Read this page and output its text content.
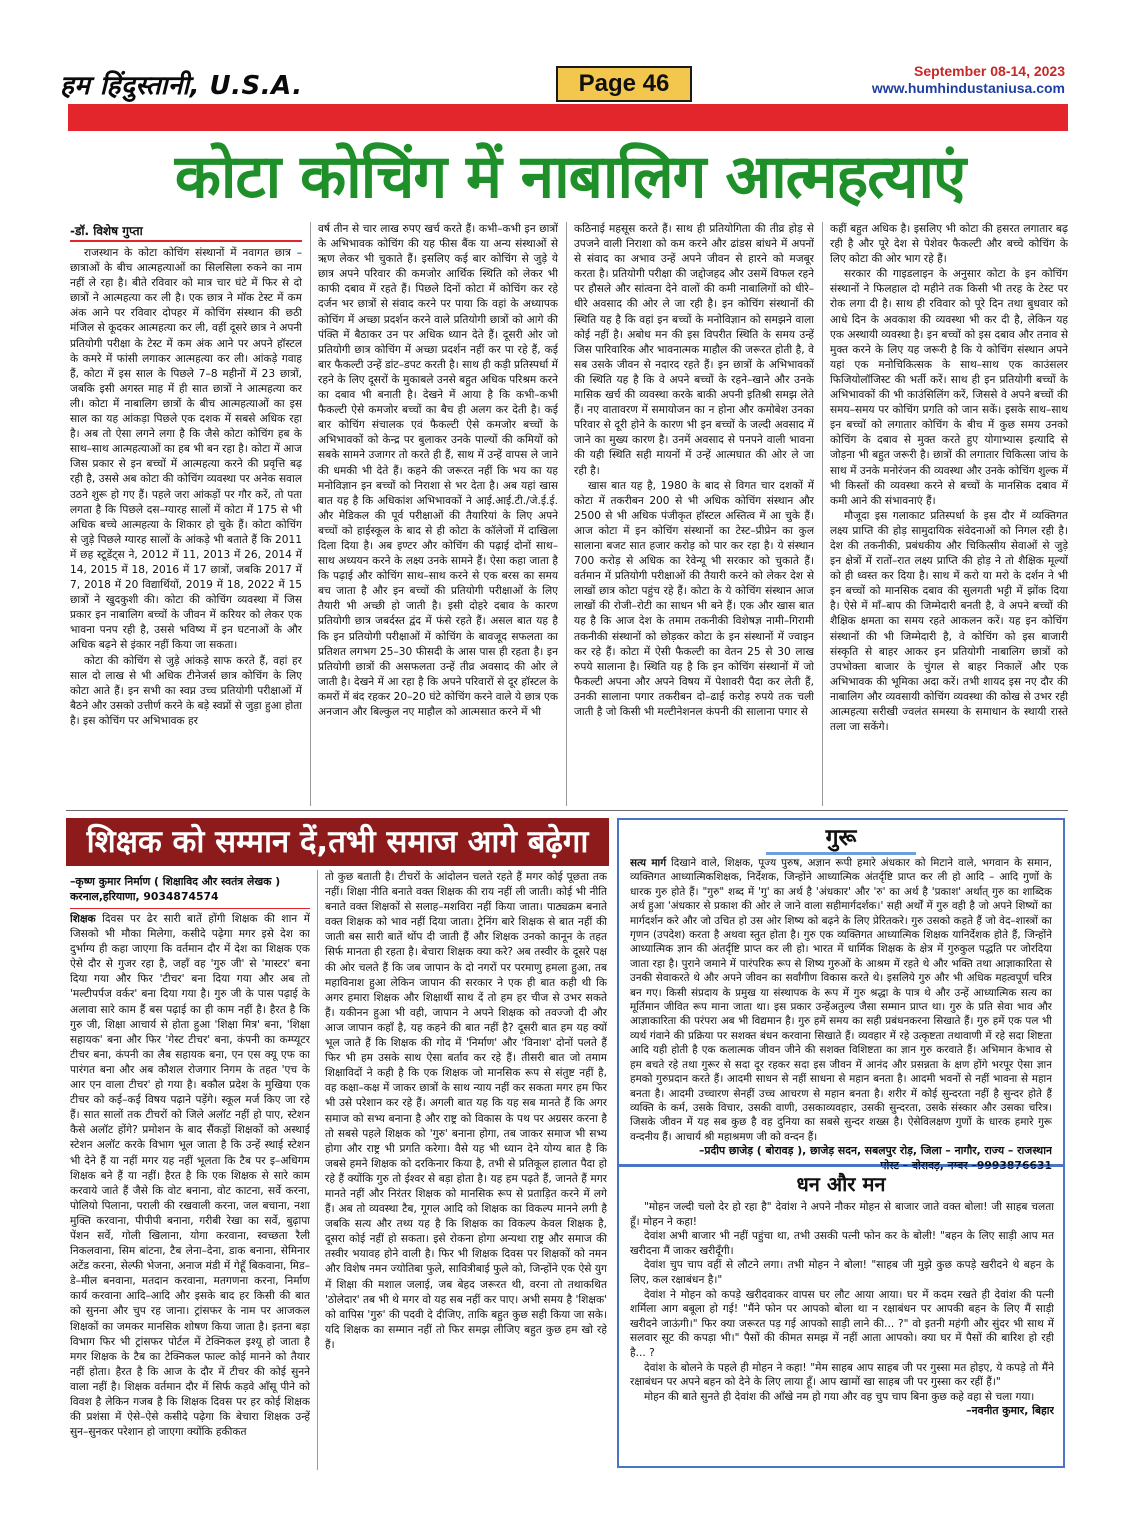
हम हिंदुस्तानी, U.S.A.	Page 46	September 08-14, 2023
www.humhindustaniusa.com
कोटा कोचिंग में नाबालिग आत्महत्याएं
-डॉ. विशेष गुप्ता

राजस्थान के कोटा कोचिंग संस्थानों में नवागत छात्र – छात्राओं के बीच आत्महत्याओं का सिलसिला रुकने का नाम नहीं ले रहा है। बीते रविवार को मात्र चार घंटे में फिर से दो छात्रों ने आत्महत्या कर ली है। एक छात्र ने मॉक टेस्ट में कम अंक आने पर रविवार दोपहर में कोचिंग संस्थान की छठी मंजिल से कूदकर आत्महत्या कर ली, वहीं दूसरे छात्र ने अपनी प्रतियोगी परीक्षा के टेस्ट में कम अंक आने पर अपने हॉस्टल के कमरे में फांसी लगाकर आत्महत्या कर ली। आंकड़े गवाह हैं, कोटा में इस साल के पिछले 7–8 महीनों में 23 छात्रों, जबकि इसी अगस्त माह में ही सात छात्रों ने आत्महत्या कर ली। कोटा में नाबालिग छात्रों के बीच आत्महत्याओं का इस साल का यह आंकड़ा पिछले एक दशक में सबसे अधिक रहा है। अब तो ऐसा लगने लगा है कि जैसे कोटा कोचिंग हब के साथ–साथ आत्महत्याओं का हब भी बन रहा है। कोटा में आज जिस प्रकार से इन बच्चों में आत्महत्या करने की प्रवृत्ति बढ़ रही है, उससे अब कोटा की कोचिंग व्यवस्था पर अनेक सवाल उठने शुरू हो गए हैं। पहले जरा आंकड़ों पर गौर करें, तो पता लगता है कि पिछले दस–ग्यारह सालों में कोटा में 175 से भी अधिक बच्चे आत्महत्या के शिकार हो चुके हैं। कोटा कोचिंग से जुड़े पिछले ग्यारह सालों के आंकड़े भी बताते हैं कि 2011 में छह स्टूडेंट्स ने, 2012 में 11, 2013 में 26, 2014 में 14, 2015 में 18, 2016 में 17 छात्रों, जबकि 2017 में 7, 2018 में 20 विद्यार्थियों, 2019 में 18, 2022 में 15 छात्रों ने खुदकुशी की। कोटा की कोचिंग व्यवस्था में जिस प्रकार इन नाबालिग बच्चों के जीवन में करियर को लेकर एक भावना पनप रही है, उससे भविष्य में इन घटनाओं के और अधिक बढ़ने से इंकार नहीं किया जा सकता।

कोटा की कोचिंग से जुड़े आंकड़े साफ करते हैं, वहां हर साल दो लाख से भी अधिक टीनेजर्स छात्र कोचिंग के लिए कोटा आते हैं। इन सभी का स्वप्न उच्च प्रतियोगी परीक्षाओं में बैठने और उसको उत्तीर्ण करने के बड़े स्वप्नों से जुड़ा हुआ होता है। इस कोचिंग पर अभिभावक हर

वर्ष तीन से चार लाख रुपए खर्च करते हैं। कभी–कभी इन छात्रों के अभिभावक कोचिंग की यह फीस बैंक या अन्य संस्थाओं से ऋण लेकर भी चुकाते हैं। इसलिए कई बार कोचिंग से जुड़े ये छात्र अपने परिवार की कमजोर आर्थिक स्थिति को लेकर भी काफी दबाव में रहते हैं। पिछले दिनों कोटा में कोचिंग कर रहे दर्जन भर छात्रों से संवाद करने पर पाया कि वहां के अध्यापक कोचिंग में अच्छा प्रदर्शन करने वाले प्रतियोगी छात्रों को आगे की पंक्ति में बैठाकर उन पर अधिक ध्यान देते हैं। दूसरी ओर जो प्रतियोगी छात्र कोचिंग में अच्छा प्रदर्शन नहीं कर पा रहे हैं, कई बार फैकल्टी उन्हें डांट–डपट करती है। साथ ही कड़ी प्रतिस्पर्धा में रहने के लिए दूसरों के मुकाबले उनसे बहुत अधिक परिश्रम करने का दबाव भी बनाती है। देखने में आया है कि कभी–कभी फैकल्टी ऐसे कमजोर बच्चों का बैच ही अलग कर देती है। कई बार कोचिंग संचालक एवं फैकल्टी ऐसे कमजोर बच्चों के अभिभावकों को केन्द्र पर बुलाकर उनके पाल्यों की कमियों को सबके सामने उजागर तो करते ही हैं, साथ में उन्हें वापस ले जाने की धमकी भी देते हैं। कहने की जरूरत नहीं कि भय का यह मनोविज्ञान इन बच्चों को निराशा से भर देता है। अब यहां खास बात यह है कि अधिकांश अभिभावकों ने आई.आई.टी./जे.ई.ई. और मेडिकल की पूर्व परीक्षाओं की तैयारियां के लिए अपने बच्चों को हाईस्कूल के बाद से ही कोटा के कॉलेजों में दाखिला दिला दिया है। अब इण्टर और कोचिंग की पढ़ाई दोनों साथ–साथ अध्ययन करने के लक्ष्य उनके सामने हैं। ऐसा कहा जाता है कि पढ़ाई और कोचिंग साथ–साथ करने से एक बरस का समय बच जाता है और इन बच्चों की प्रतियोगी परीक्षाओं के लिए तैयारी भी अच्छी हो जाती है। इसी दोहरे दबाव के कारण प्रतियोगी छात्र जबर्दस्त द्वंद में फंसे रहते हैं। असल बात यह है कि इन प्रतियोगी परीक्षाओं में कोचिंग के बावजूद सफलता का प्रतिशत लगभग 25–30 फीसदी के आस पास ही रहता है। इन प्रतियोगी छात्रों की असफलता उन्हें तीव्र अवसाद की ओर ले जाती है। देखने में आ रहा है कि अपने परिवारों से दूर हॉस्टल के कमरों में बंद रहकर 20–20 घंटे कोचिंग करने वाले ये छात्र एक अनजान और बिल्कुल नए माहौल को आत्मसात करने में भी

कठिनाई महसूस करते हैं। साथ ही प्रतियोगिता की तीव्र होड़ से उपजने वाली निराशा को कम करने और ढांडस बांधने में अपनों से संवाद का अभाव उन्हें अपने जीवन से हारने को मजबूर करता है। प्रतियोगी परीक्षा की जद्दोजहद और उसमें विफल रहने पर हौसले और सांत्वना देने वालों की कमी नाबालिगों को धीरे–धीरे अवसाद की ओर ले जा रही है। इन कोचिंग संस्थानों की स्थिति यह है कि वहां इन बच्चों के मनोविज्ञान को समझने वाला कोई नहीं है। अबोध मन की इस विपरीत स्थिति के समय उन्हें जिस पारिवारिक और भावनात्मक माहौल की जरूरत होती है, वे सब उसके जीवन से नदारद रहते हैं। इन छात्रों के अभिभावकों की स्थिति यह है कि वे अपने बच्चों के रहने–खाने और उनके मासिक खर्च की व्यवस्था करके बाकी अपनी इतिश्री समझ लेते हैं। नए वातावरण में समायोजन का न होना और कमोबेश उनका परिवार से दूरी होने के कारण भी इन बच्चों के जल्दी अवसाद में जाने का मुख्य कारण है। उनमें अवसाद से पनपने वाली भावना की यही स्थिति सही मायनों में उन्हें आत्मघात की ओर ले जा रही है।

खास बात यह है, 1980 के बाद से विगत चार दशकों में कोटा में तकरीबन 200 से भी अधिक कोचिंग संस्थान और 2500 से भी अधिक पंजीकृत हॉस्टल अस्तित्व में आ चुके हैं। आज कोटा में इन कोचिंग संस्थानों का टेस्ट–प्रीप्रेन का कुल सालाना बजट सात हजार करोड़ को पार कर रहा है। ये संस्थान 700 करोड़ से अधिक का रेवेन्यू भी सरकार को चुकाते हैं। वर्तमान में प्रतियोगी परीक्षाओं की तैयारी करने को लेकर देश से लाखों छात्र कोटा पहुंच रहे हैं। कोटा के ये कोचिंग संस्थान आज लाखों की रोजी–रोटी का साधन भी बने हैं। एक और खास बात यह है कि आज देश के तमाम तकनीकी विशेषज्ञ नामी–गिरामी तकनीकी संस्थानों को छोड़कर कोटा के इन संस्थानों में ज्वाइन कर रहे हैं। कोटा में ऐसी फैकल्टी का वेतन 25 से 30 लाख रुपये सालाना है। स्थिति यह है कि इन कोचिंग संस्थानों में जो फैकल्टी अपना और अपने विषय में पेशावरी पैदा कर लेती हैं, उनकी सालाना पगार तकरीबन दो–ढाई करोड़ रुपये तक चली जाती है जो किसी भी मल्टीनेशनल कंपनी की सालाना पगार से

कहीं बहुत अधिक है। इसलिए भी कोटा की हसरत लगातार बढ़ रही है और पूरे देश से पेशेवर फैकल्टी और बच्चे कोचिंग के लिए कोटा की ओर भाग रहे हैं।

सरकार की गाइडलाइन के अनुसार कोटा के इन कोचिंग संस्थानों ने फिलहाल दो महीने तक किसी भी तरह के टेस्ट पर रोक लगा दी है। साथ ही रविवार को पूरे दिन तथा बुधवार को आधे दिन के अवकाश की व्यवस्था भी कर दी है, लेकिन यह एक अस्थायी व्यवस्था है। इन बच्चों को इस दबाव और तनाव से मुक्त करने के लिए यह जरूरी है कि ये कोचिंग संस्थान अपने यहां एक मनोचिकित्सक के साथ–साथ एक काउंसलर फिजियोलॉजिस्ट की भर्ती करें। साथ ही इन प्रतियोगी बच्चों के अभिभावकों की भी काउंसिलिंग करें, जिससे वे अपने बच्चों की समय–समय पर कोचिंग प्रगति को जान सकें। इसके साथ–साथ इन बच्चों को लगातार कोचिंग के बीच में कुछ समय उनको कोचिंग के दबाव से मुक्त करते हुए योगाभ्यास इत्यादि से जोड़ना भी बहुत जरूरी है। छात्रों की लगातार चिकित्सा जांच के साथ में उनके मनोरंजन की व्यवस्था और उनके कोचिंग शुल्क में भी किस्तों की व्यवस्था करने से बच्चों के मानसिक दबाव में कमी आने की संभावनाएं हैं।

मौजूदा इस गलाकाट प्रतिस्पर्धा के इस दौर में व्यक्तिगत लक्ष्य प्राप्ति की होड़ सामुदायिक संवेदनाओं को निगल रही है। देश की तकनीकी, प्रबंधकीय और चिकित्सीय सेवाओं से जुड़े इन क्षेत्रों में रातों–रात लक्ष्य प्राप्ति की होड़ ने तो शैक्षिक मूल्यों को ही ध्वस्त कर दिया है। साथ में करो या मरो के दर्शन ने भी इन बच्चों को मानसिक दबाव की सुलगती भट्टी में झोंक दिया है। ऐसे में माँ–बाप की जिम्मेदारी बनती है, वे अपने बच्चों की शैक्षिक क्षमता का समय रहते आकलन करें। यह इन कोचिंग संस्थानों की भी जिम्मेदारी है, वे कोचिंग को इस बाजारी संस्कृति से बाहर आकर इन प्रतियोगी नाबालिग छात्रों को उपभोक्ता बाजार के चुंगल से बाहर निकालें और एक अभिभावक की भूमिका अदा करें। तभी शायद इस नए दौर की नाबालिग और व्यवसायी कोचिंग व्यवस्था की कोख से उभर रही आत्महत्या सरीखी ज्वलंत समस्या के समाधान के स्थायी रास्ते तला जा सकेंगे।

शिक्षक को सम्मान दें,तभी समाज आगे बढ़ेगा
–कृष्ण कुमार निर्माण ( शिक्षाविद और स्वतंत्र लेखक )
करनाल,हरियाणा, 9034874574

शिक्षक दिवस पर ढेर सारी बातें होंगी शिक्षक की शान में जिसको भी मौका मिलेगा, कसीदे पढ़ेगा मगर इसे देश का दुर्भाग्य ही कहा जाएगा कि वर्तमान दौर में देश का शिक्षक एक ऐसे दौर से गुजर रहा है, जहाँ वह 'गुरु जी' से 'मास्टर' बना दिया गया और फिर 'टीचर' बना दिया गया और अब तो 'मल्टीपर्पज वर्कर' बना दिया गया है। गुरु जी के पास पढ़ाई के अलावा सारे काम हैं बस पढ़ाई का ही काम नहीं है। हैरत है कि गुरु जी, शिक्षा आचार्य से होता हुआ 'शिक्षा मित्र' बना, 'शिक्षा सहायक' बना और फिर 'गेस्ट टीचर' बना, कंपनी का कम्प्यूटर टीचर बना, कंपनी का लैब सहायक बना, एन एस क्यू एफ का पारंगत बना और अब कौशल रोजगार निगम के तहत 'एच के आर एन वाला टीचर' हो गया है। बकौल प्रदेश के मुखिया एक टीचर को कई–कई विषय पढ़ाने पड़ेंगे। स्कूल मर्ज किए जा रहे हैं। सात सालों तक टीचरों को जिले अलॉट नहीं हो पाए, स्टेशन कैसे अलॉट होंगे? प्रमोशन के बाद सैंकड़ों शिक्षकों को अस्थाई स्टेशन अलॉट करके विभाग भूल जाता है कि उन्हें स्थाई स्टेशन भी देने हैं या नहीं मगर यह नहीं भूलता कि टैब पर इ–अधिगम शिक्षक बने हैं या नहीं। हैरत है कि एक शिक्षक से सारे काम करवाये जाते हैं जैसे कि वोट बनाना, वोट काटना, सर्वे करना, पोलियो पिलाना, पराली की रखवाली करना, जल बचाना, नशा मुक्ति करवाना, पीपीपी बनाना, गरीबी रेखा का सर्वे, बुढ़ापा पेंशन सर्वे, गोली खिलाना, योगा करवाना, स्वच्छता रैली निकलवाना, सिम बांटना, टैब लेना–देना, डाक बनाना, सेमिनार अटेंड करना, सेल्फी भेजना, अनाज मंडी में गेहूँ बिकवाना, मिड–डे–मील बनवाना, मतदान करवाना, मतगणना करना, निर्माण कार्य करवाना आदि–आदि और इसके बाद हर किसी की बात को सुनना और चुप रह जाना। ट्रांसफर के नाम पर आजकल शिक्षकों का जमकर मानसिक शोषण किया जाता है। इतना बड़ा विभाग फिर भी ट्रांसफर पोर्टल में टेक्निकल इश्यू हो जाता है मगर शिक्षक के टैब का टेक्निकल फाल्ट कोई मानने को तैयार नहीं होता। हैरत है कि आज के दौर में टीचर की कोई सुनने वाला नहीं है। शिक्षक वर्तमान दौर में सिर्फ कड़वे आँसू पीने को विवश है लेकिन गजब है कि शिक्षक दिवस पर हर कोई शिक्षक की प्रशंसा में ऐसे–ऐसे कसीदे पढ़ेगा कि बेचारा शिक्षक उन्हें सुन–सुनकर परेशान हो जाएगा क्योंकि हकीकत

तो कुछ बताती है। टीचरों के आंदोलन चलते रहते हैं मगर कोई पूछता तक नहीं। शिक्षा नीति बनाते वक्त शिक्षक की राय नहीं ली जाती। कोई भी नीति बनाते वक्त शिक्षकों से सलाह–मशविरा नहीं किया जाता। पाठ्यक्रम बनाते वक्त शिक्षक को भाव नहीं दिया जाता। ट्रेनिंग बारे शिक्षक से बात नहीं की जाती बस सारी बातें थोंप दी जाती हैं और शिक्षक उनको कानून के तहत सिर्फ मानता ही रहता है। बेचारा शिक्षक क्या करे? अब तस्वीर के दूसरे पक्ष की ओर चलते हैं कि जब जापान के दो नगरों पर परमाणु हमला हुआ, तब महाविनाश हुआ लेकिन जापान की सरकार ने एक ही बात कही थी कि अगर हमारा शिक्षक और शिक्षार्थी साथ दें तो हम हर चीज से उभर सकते हैं। यकीनन हुआ भी वही, जापान ने अपने शिक्षक को तवज्जो दी और आज जापान कहाँ है, यह कहने की बात नहीं है? दूसरी बात हम यह क्यों भूल जाते हैं कि शिक्षक की गोद में 'निर्माण' और 'विनाश' दोनों पलते हैं फिर भी हम उसके साथ ऐसा बर्ताव कर रहे हैं। तीसरी बात जो तमाम शिक्षाविदों ने कही है कि एक शिक्षक जो मानसिक रूप से संतुष्ट नहीं है, वह कक्षा–कक्ष में जाकर छात्रों के साथ न्याय नहीं कर सकता मगर हम फिर भी उसे परेशान कर रहे हैं। अगली बात यह कि यह सब मानते हैं कि अगर समाज को सभ्य बनाना है और राष्ट्र को विकास के पथ पर अग्रसर करना है तो सबसे पहले शिक्षक को 'गुरु' बनाना होगा, तब जाकर समाज भी सभ्य होगा और राष्ट्र भी प्रगति करेगा। वैसे यह भी ध्यान देने योग्य बात है कि जबसे हमने शिक्षक को दरकिनार किया है, तभी से प्रतिकूल हालात पैदा हो रहे हैं क्योंकि गुरु तो ईश्वर से बड़ा होता है। यह हम पढ़ते हैं, जानते हैं मगर मानते नहीं और निरंतर शिक्षक को मानसिक रूप से प्रताड़ित करने में लगे हैं। अब तो व्यवस्था टैब, गूगल आदि को शिक्षक का विकल्प मानने लगी है जबकि सत्य और तथ्य यह है कि शिक्षक का विकल्प केवल शिक्षक है, दूसरा कोई नहीं हो सकता। इसे रोकना होगा अन्यथा राष्ट्र और समाज की तस्वीर भयावह होने वाली है। फिर भी शिक्षक दिवस पर शिक्षकों को नमन और विशेष नमन ज्योतिबा फुले, सावित्रीबाई फुले को, जिन्होंने एक ऐसे युग में शिक्षा की मशाल जलाई, जब बेहद जरूरत थी, वरना तो तथाकथित 'ठोलेदार' तब भी थे मगर वो यह सब नहीं कर पाए। अभी समय है 'शिक्षक' को वापिस 'गुरु' की पदवी दे दीजिए, ताकि बहुत कुछ सही किया जा सके। यदि शिक्षक का सम्मान नहीं तो फिर समझ लीजिए बहुत कुछ हम खो रहे हैं।

गुरू

सत्य मार्ग दिखाने वाले, शिक्षक, पूज्य पुरुष, अज्ञान रूपी हमारे अंधकार को मिटाने वाले, भगवान के समान, व्यक्तिगत आध्यात्मिकशिक्षक, निर्देशक, जिन्होंने आध्यात्मिक अंतर्दृष्टि प्राप्त कर ली हो आदि – आदि गुणों के धारक गुरु होते हैं। "गुरु" शब्द में 'गु' का अर्थ है 'अंधकार' और 'रु' का अर्थ है 'प्रकाश' अर्थात् गुरु का शाब्दिक अर्थ हुआ 'अंधकार से प्रकाश की ओर ले जाने वाला सहीमार्गदर्शक।' सही अर्थों में गुरु वही है जो अपने शिष्यों का मार्गदर्शन करे और जो उचित हो उस ओर शिष्य को बढ़ने के लिए प्रेरितकरे। गुरु उसको कहते हैं जो वेद–शास्त्रों का गृणन (उपदेश) करता है अथवा स्तुत होता है। गुरु एक व्यक्तिगत आध्यात्मिक शिक्षक यानिर्देशक होते हैं, जिन्होंने आध्यात्मिक ज्ञान की अंतर्दृष्टि प्राप्त कर ली हो। भारत में धार्मिक शिक्षक के क्षेत्र में गुरुकुल पद्धति पर जोरदिया जाता रहा है। पुराने जमाने में पारंपरिक रूप से शिष्य गुरुओं के आश्रम में रहते थे और भक्ति तथा आज्ञाकारिता से उनकी सेवाकरते थे और अपने जीवन का सर्वांगीण विकास करते थे। इसलिये गुरु और भी अधिक महत्वपूर्ण चरित्र बन गए। किसी संप्रदाय के प्रमुख या संस्थापक के रूप में गुरु श्रद्धा के पात्र थे और उन्हें आध्यात्मिक सत्य का मूर्तिमान जीवित रूप माना जाता था। इस प्रकार उन्हेंअतुल्य जैसा सम्मान प्राप्त था। गुरु के प्रति सेवा भाव और आज्ञाकारिता की परंपरा अब भी विद्यमान है। गुरु हमें समय का सही प्रबंधनकरना सिखाते हैं। गुरु हमें एक पल भी व्यर्थ गंवाने की प्रक्रिया पर सशक्त बंधन करवाना सिखाते हैं। व्यवहार में रहे उत्कृष्टता तथावाणी में रहे सदा शिष्टता आदि यही होती है एक कलात्मक जीवन जीने की सशक्त विशिष्टता का ज्ञान गुरु करवाते हैं। अभिमान केभाव से हम बचते रहे तथा गुरूर से सदा दूर रहकर सदा इस जीवन में आनंद और प्रसन्नता के क्षण होंगे भरपूर ऐसा ज्ञान हमको गुरुप्रदान करते हैं। आदमी साधन से नहीं साधना से महान बनता है। आदमी भवनों से नहीं भावना से महान बनता है। आदमी उच्चारण सेनहीं उच्च आचरण से महान बनता है। शरीर में कोई सुन्दरता नहीं है सुन्दर होते हैं व्यक्ति के कर्म, उसके विचार, उसकी वाणी, उसकाव्यवहार, उसकी सुन्दरता, उसके संस्कार और उसका चरित्र। जिसके जीवन में यह सब कुछ है वह दुनिया का सबसे सुन्दर शख्स है। ऐसेविलक्षण गुणों के धारक हमारे गुरू वन्दनीय हैं। आचार्य श्री महाश्रमण जी को वन्दन हैं।

–प्रदीप छाजेड़ ( बोरावड़ ), छाजेड़ सदन, सबलपुर रोड़, जिला – नागौर, राज्य – राजस्थान
धन और मन

"मोहन जल्दी चलो देर हो रहा है" देवांश ने अपने नौकर मोहन से बाजार जाते वक्त बोला! जी साहब चलता हूँ। मोहन ने कहा!

देवांश अभी बाजार भी नहीं पहुंचा था, तभी उसकी पत्नी फोन कर के बोली! "बहन के लिए साड़ी आप मत खरीदना मैं जाकर खरीदूँगी।

देवांश चुप चाप वहीं से लौटने लगा। तभी मोहन ने बोला! "साहब जी मुझे कुछ कपड़े खरीदने थे बहन के लिए, कल रक्षाबंधन है।"

देवांश ने मोहन को कपड़े खरीदवाकर वापस घर लौट आया आया। घर में कदम रखते ही देवांश की पत्नी शर्मिला आग बबूला हो गई! "मैंने फोन पर आपको बोला था न रक्षाबंधन पर आपकी बहन के लिए मैं साड़ी खरीदने जाऊंगी।" फिर क्या जरूरत पड़ गई आपको साड़ी लाने की... ?" वो इतनी महंगी और सुंदर भी साथ में सलवार सूट की कपड़ा भी।" पैसों की कीमत समझ में नहीं आता आपको। क्या घर में पैसों की बारिश हो रही है... ?

देवांश के बोलने के पहले ही मोहन ने कहा! "मेम साहब आप साहब जी पर गुस्सा मत होइए, ये कपड़े तो मैंने रक्षाबंधन पर अपने बहन को देने के लिए लाया हूँ। आप खामों खा साहब जी पर गुस्सा कर रहीं हैं।"

मोहन की बाते सुनते ही देवांश की आँखे नम हो गया और वह चुप चाप बिना कुछ कहे वहा से चला गया।

–नवनीत कुमार, बिहार
